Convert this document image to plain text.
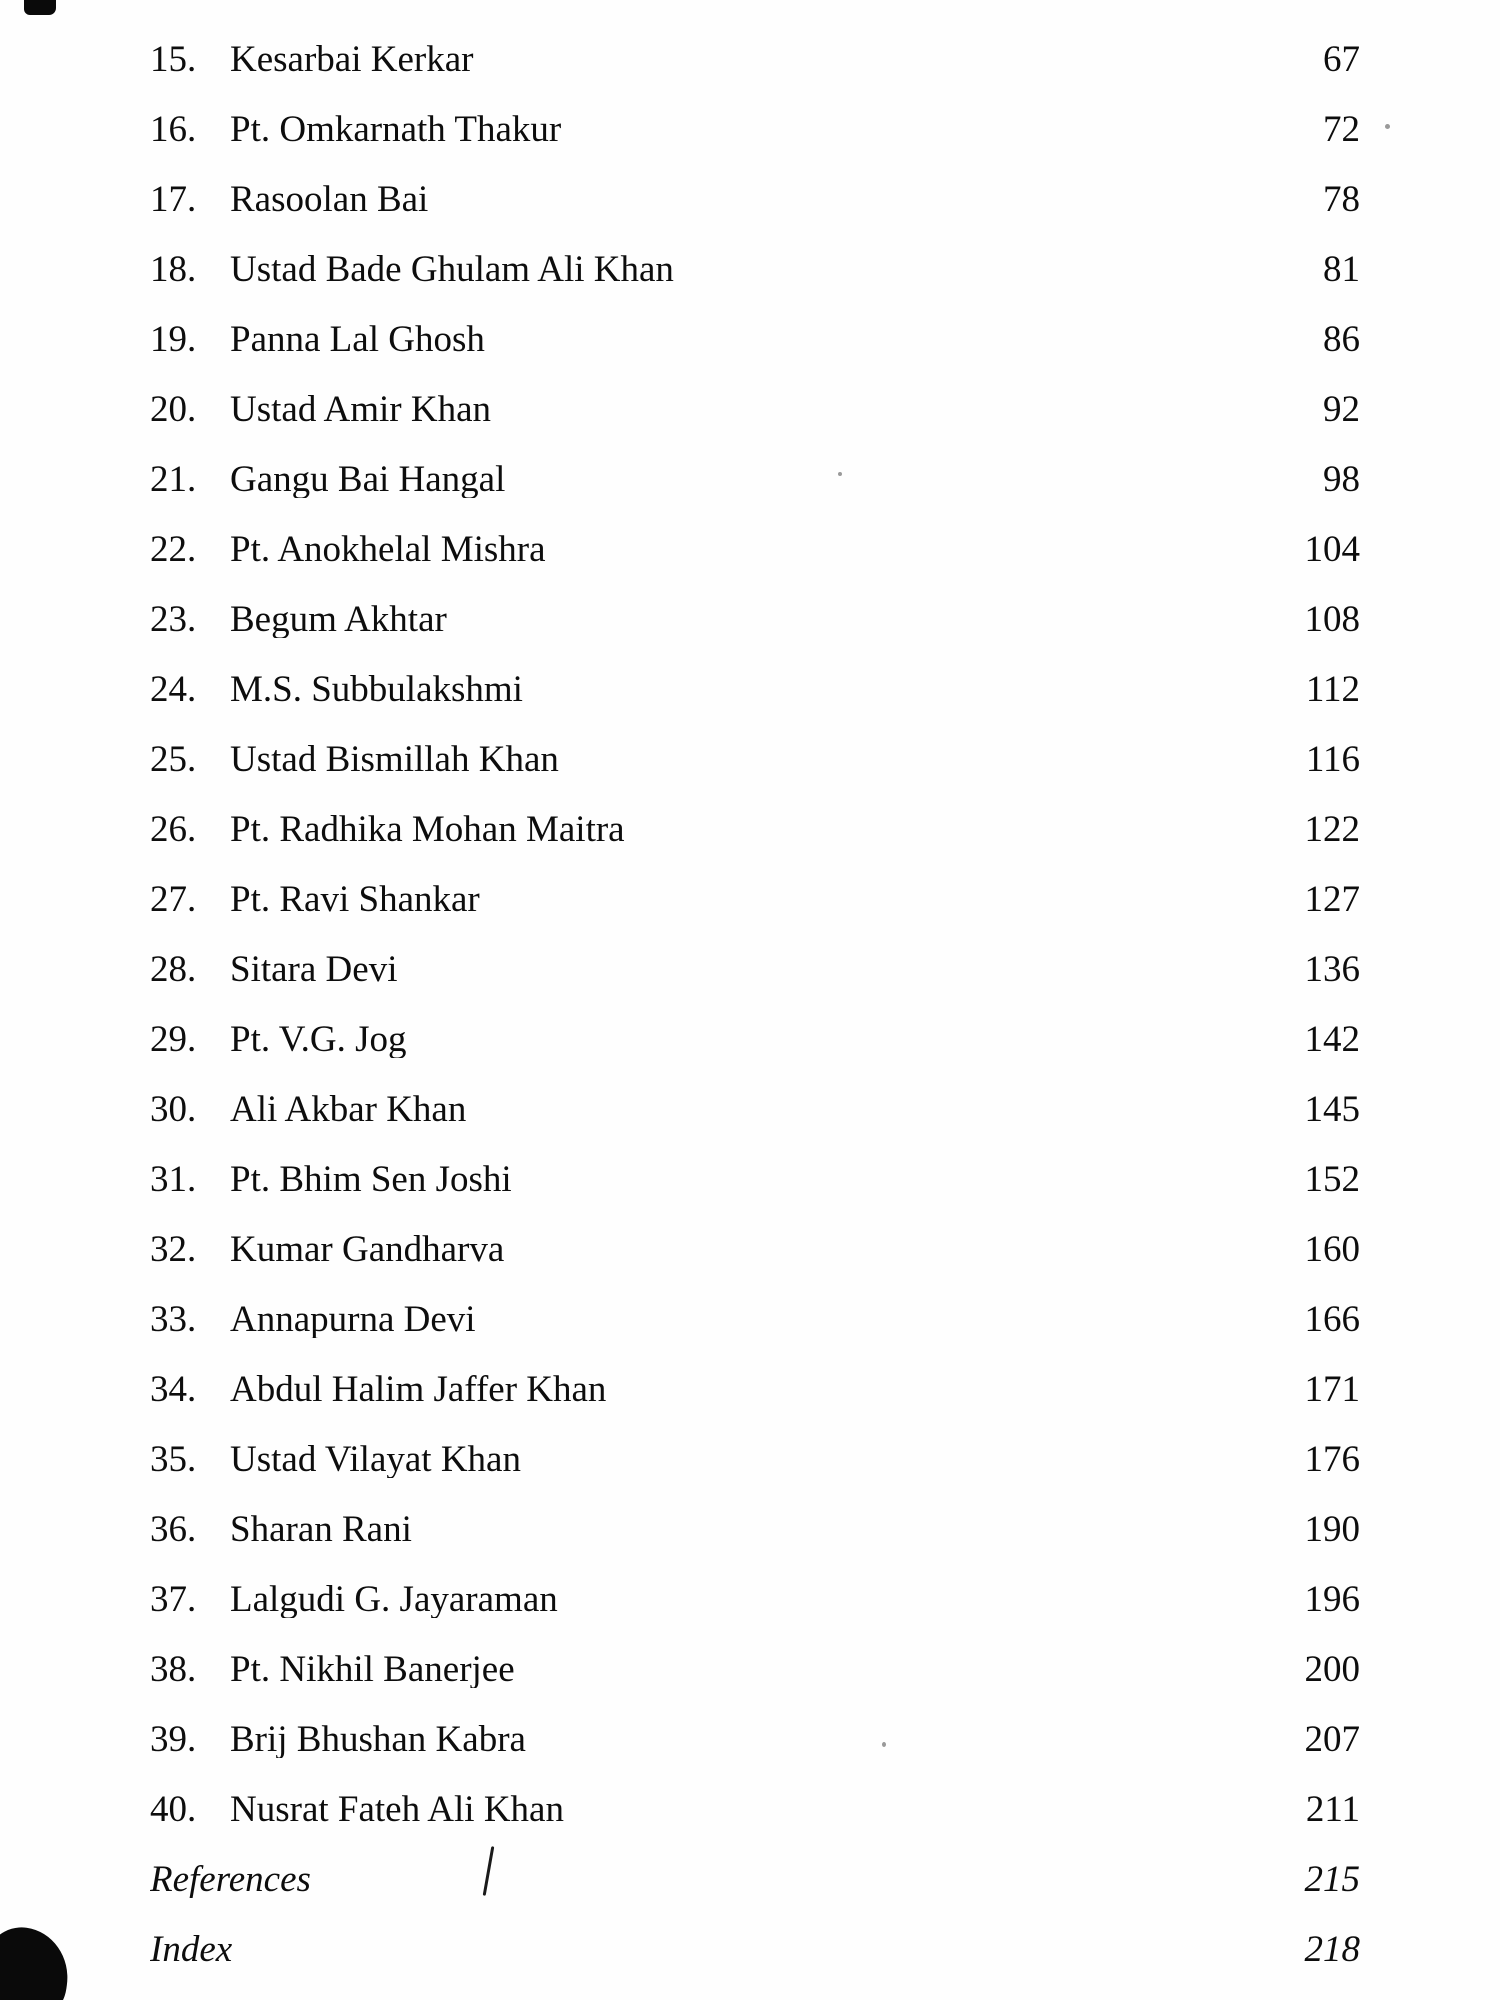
15. Kesarbai Kerkar	67
16. Pt. Omkarnath Thakur	72
17. Rasoolan Bai	78
18. Ustad Bade Ghulam Ali Khan	81
19. Panna Lal Ghosh	86
20. Ustad Amir Khan	92
21. Gangu Bai Hangal	98
22. Pt. Anokhelal Mishra	104
23. Begum Akhtar	108
24. M.S. Subbulakshmi	112
25. Ustad Bismillah Khan	116
26. Pt. Radhika Mohan Maitra	122
27. Pt. Ravi Shankar	127
28. Sitara Devi	136
29. Pt. V.G. Jog	142
30. Ali Akbar Khan	145
31. Pt. Bhim Sen Joshi	152
32. Kumar Gandharva	160
33. Annapurna Devi	166
34. Abdul Halim Jaffer Khan	171
35. Ustad Vilayat Khan	176
36. Sharan Rani	190
37. Lalgudi G. Jayaraman	196
38. Pt. Nikhil Banerjee	200
39. Brij Bhushan Kabra	207
40. Nusrat Fateh Ali Khan	211
References	215
Index	218
